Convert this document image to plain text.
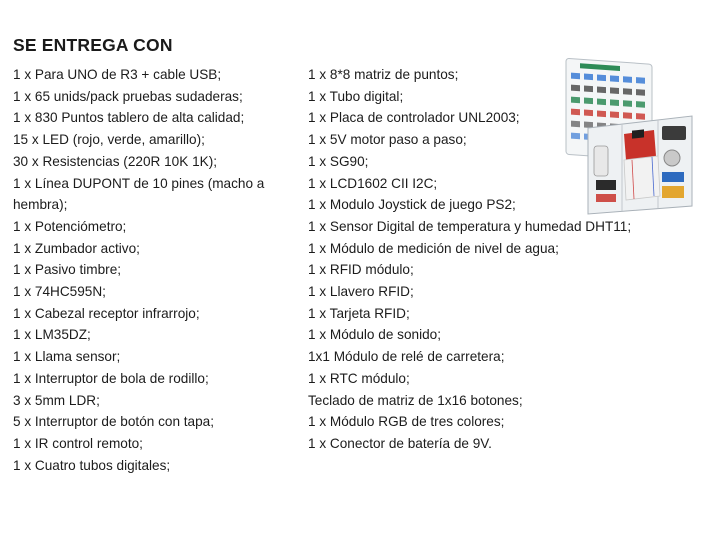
SE ENTREGA CON
1 x Para UNO de R3 + cable USB;
1 x 65 unids/pack pruebas sudaderas;
1 x 830 Puntos tablero de alta calidad;
15 x LED (rojo, verde, amarillo);
30 x Resistencias (220R 10K 1K);
1 x Línea DUPONT de 10 pines (macho a
hembra);
1 x Potenciómetro;
1 x Zumbador activo;
1 x Pasivo timbre;
1 x 74HC595N;
1 x Cabezal receptor infrarrojo;
1 x LM35DZ;
1 x Llama sensor;
1 x Interruptor de bola de rodillo;
3 x 5mm LDR;
5 x Interruptor de botón con tapa;
1 x IR control remoto;
1 x Cuatro tubos digitales;
1 x 8*8 matriz de puntos;
1 x Tubo digital;
1 x Placa de controlador UNL2003;
1 x 5V motor paso a paso;
1 x SG90;
1 x LCD1602 CII I2C;
1 x Modulo Joystick de juego PS2;
1 x Sensor Digital de temperatura y humedad DHT11;
1 x Módulo de medición de nivel de agua;
1 x RFID módulo;
1 x Llavero RFID;
1 x Tarjeta RFID;
1 x Módulo de sonido;
1x1 Módulo de relé de carretera;
1 x RTC módulo;
Teclado de matriz de 1x16 botones;
1 x Módulo RGB de tres colores;
1 x Conector de batería de 9V.
